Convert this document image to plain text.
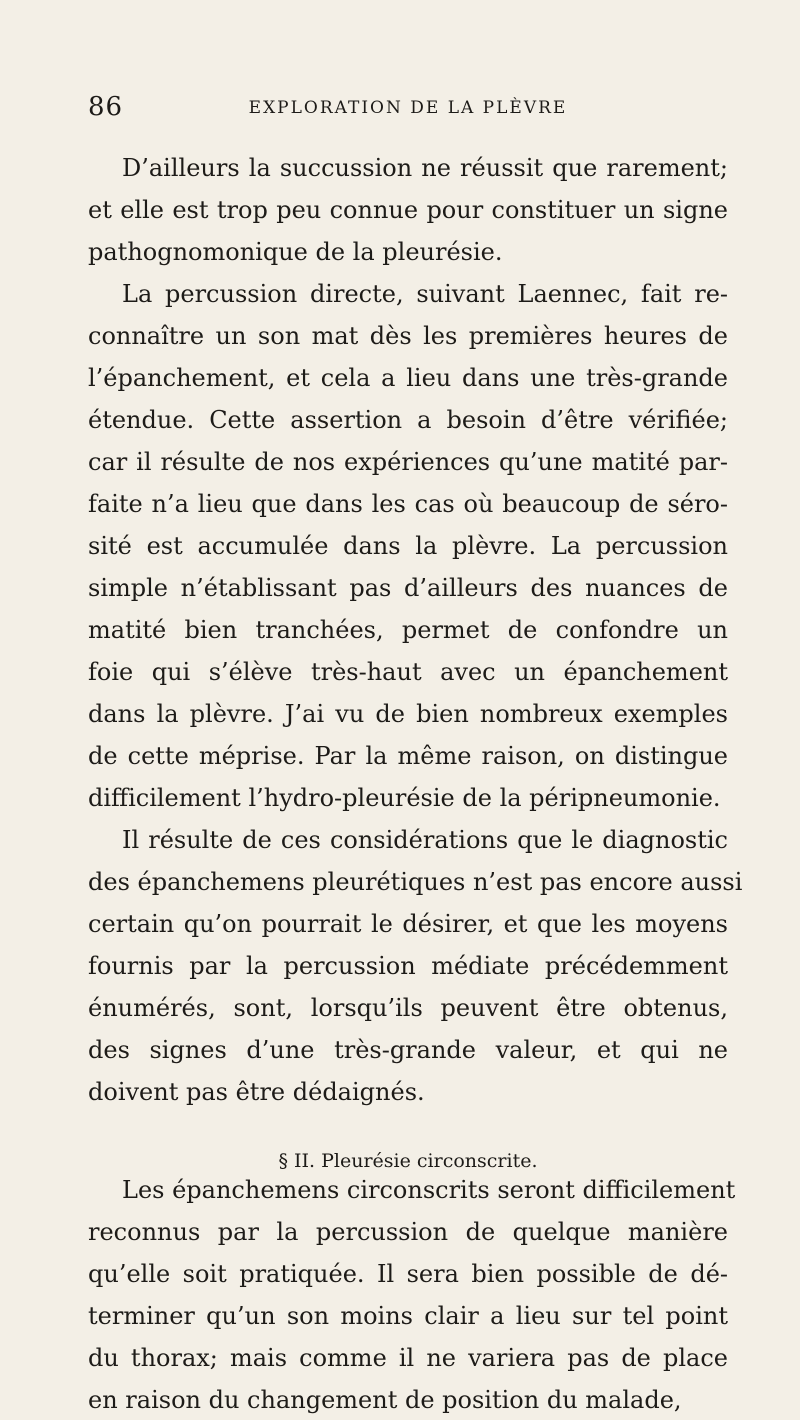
86	EXPLORATION DE LA PLÈVRE
D’ailleurs la succussion ne réussit que rarement;
et elle est trop peu connue pour constituer un signe
pathognomonique de la pleurésie.
La percussion directe, suivant Laennec, fait re-
connaître un son mat dès les premières heures de
l’épanchement, et cela a lieu dans une très-grande
étendue. Cette assertion a besoin d’être vérifiée;
car il résulte de nos expériences qu’une matité par-
faite n’a lieu que dans les cas où beaucoup de séro-
sité est accumulée dans la plèvre. La percussion
simple n’établissant pas d’ailleurs des nuances de
matité bien tranchées, permet de confondre un
foie qui s’élève très-haut avec un épanchement
dans la plèvre. J’ai vu de bien nombreux exemples
de cette méprise. Par la même raison, on distingue
difficilement l’hydro-pleurésie de la péripneumonie.
Il résulte de ces considérations que le diagnostic
des épanchemens pleurétiques n’est pas encore aussi
certain qu’on pourrait le désirer, et que les moyens
fournis par la percussion médiate précédemment
énumérés, sont, lorsqu’ils peuvent être obtenus,
des signes d’une très-grande valeur, et qui ne
doivent pas être dédaignés.
§ II. Pleurésie circonscrite.
Les épanchemens circonscrits seront difficilement
reconnus par la percussion de quelque manière
qu’elle soit pratiquée. Il sera bien possible de dé-
terminer qu’un son moins clair a lieu sur tel point
du thorax; mais comme il ne variera pas de place
en raison du changement de position du malade,
